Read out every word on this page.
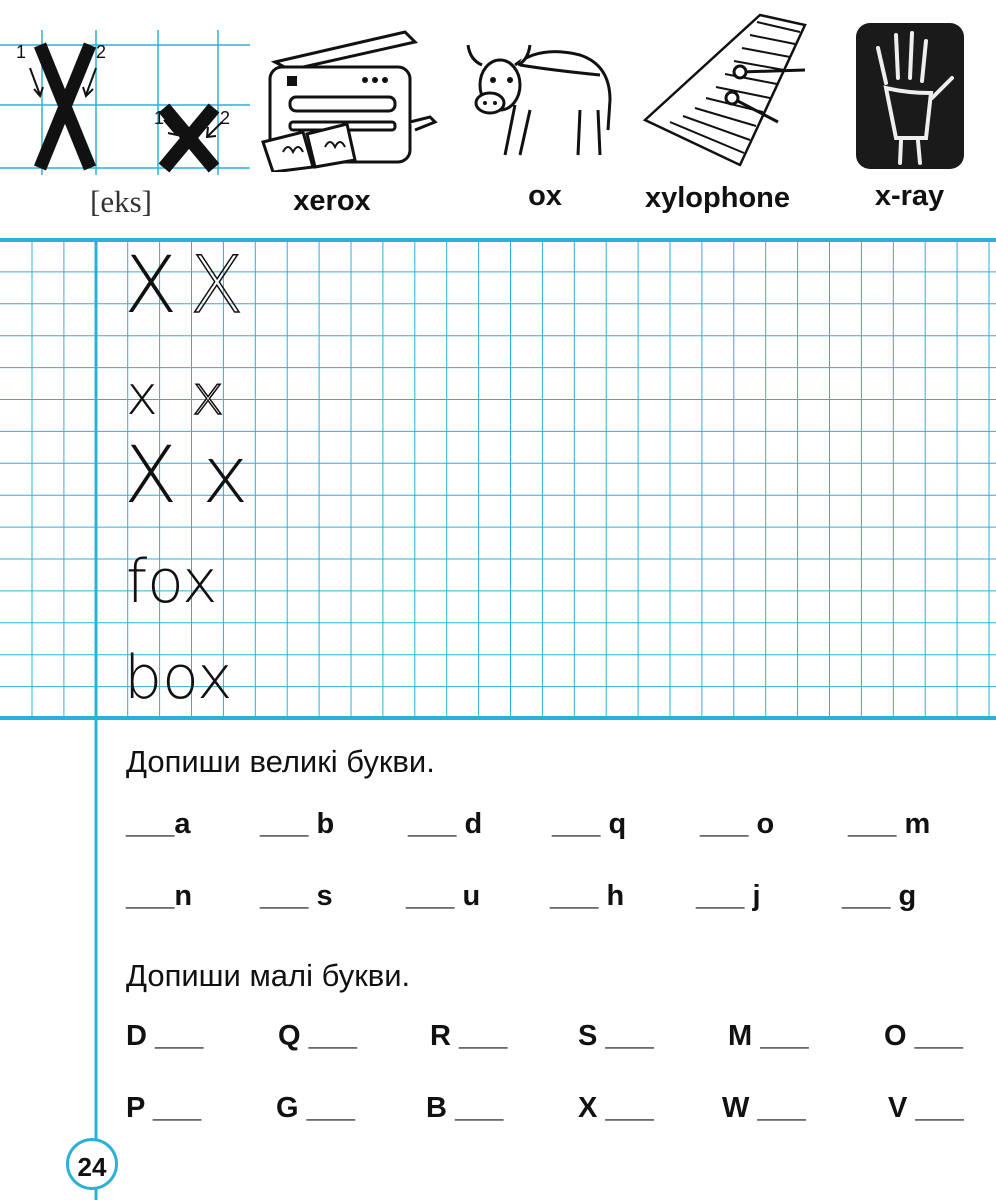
1	2
1	2
[eks]	xerox	ox	xylophone	x-ray
X X
x x
X x
fox
box
Допиши великі букви.
___a ___ b	___ d ___ q	___ o	___ m
___n ___ s	___ u ___ h ___ j	___ g
Допиши малі букви.
D ___	Q ___	R ___ S ___	M ___	O ___
P ___	G ___ B ___	X ___ W ___	V ___
24
